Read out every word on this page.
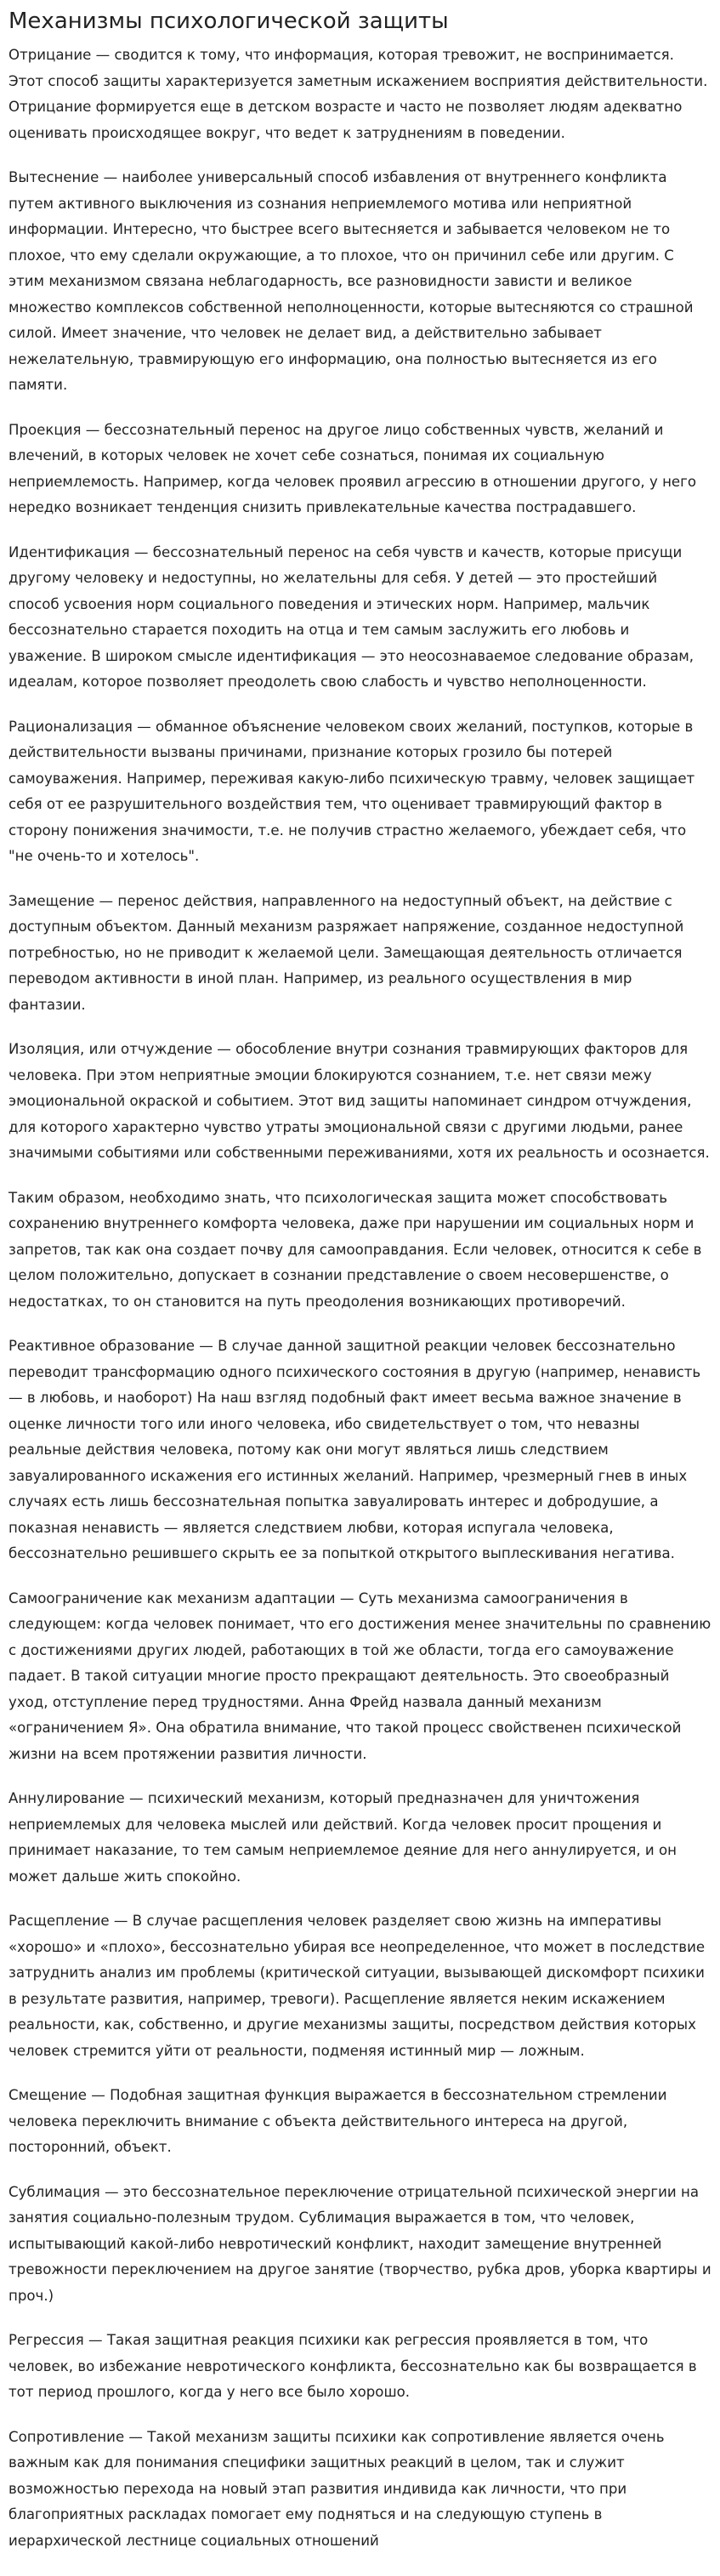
Механизмы психологической защиты

Отрицание — сводится к тому, что информация, которая тревожит, не воспринимается. Этот способ защиты характеризуется заметным искажением восприятия действительности. Отрицание формируется еще в детском возрасте и часто не позволяет людям адекватно оценивать происходящее вокруг, что ведет к затруднениям в поведении.

Вытеснение — наиболее универсальный способ избавления от внутреннего конфликта путем активного выключения из сознания неприемлемого мотива или неприятной информации. Интересно, что быстрее всего вытесняется и забывается человеком не то плохое, что ему сделали окружающие, а то плохое, что он причинил себе или другим. С этим механизмом связана неблагодарность, все разновидности зависти и великое множество комплексов собственной неполноценности, которые вытесняются со страшной силой. Имеет значение, что человек не делает вид, а действительно забывает нежелательную, травмирующую его информацию, она полностью вытесняется из его памяти.

Проекция — бессознательный перенос на другое лицо собственных чувств, желаний и влечений, в которых человек не хочет себе сознаться, понимая их социальную неприемлемость. Например, когда человек проявил агрессию в отношении другого, у него нередко возникает тенденция снизить привлекательные качества пострадавшего.

Идентификация — бессознательный перенос на себя чувств и качеств, которые присущи другому человеку и недоступны, но желательны для себя. У детей — это простейший способ усвоения норм социального поведения и этических норм. Например, мальчик бессознательно старается походить на отца и тем самым заслужить его любовь и уважение. В широком смысле идентификация — это неосознаваемое следование образам, идеалам, которое позволяет преодолеть свою слабость и чувство неполноценности.

Рационализация — обманное объяснение человеком своих желаний, поступков, которые в действительности вызваны причинами, признание которых грозило бы потерей самоуважения. Например, переживая какую-либо психическую травму, человек защищает себя от ее разрушительного воздействия тем, что оценивает травмирующий фактор в сторону понижения значимости, т.е. не получив страстно желаемого, убеждает себя, что "не очень-то и хотелось".

Замещение — перенос действия, направленного на недоступный объект, на действие с доступным объектом. Данный механизм разряжает напряжение, созданное недоступной потребностью, но не приводит к желаемой цели. Замещающая деятельность отличается переводом активности в иной план. Например, из реального осуществления в мир фантазии.

Изоляция, или отчуждение — обособление внутри сознания травмирующих факторов для человека. При этом неприятные эмоции блокируются сознанием, т.е. нет связи межу эмоциональной окраской и событием. Этот вид защиты напоминает синдром отчуждения, для которого характерно чувство утраты эмоциональной связи с другими людьми, ранее значимыми событиями или собственными переживаниями, хотя их реальность и осознается.

Таким образом, необходимо знать, что психологическая защита может способствовать сохранению внутреннего комфорта человека, даже при нарушении им социальных норм и запретов, так как она создает почву для самооправдания. Если человек, относится к себе в целом положительно, допускает в сознании представление о своем несовершенстве, о недостатках, то он становится на путь преодоления возникающих противоречий.

Реактивное образование — В случае данной защитной реакции человек бессознательно переводит трансформацию одного психического состояния в другую (например, ненависть — в любовь, и наоборот) На наш взгляд подобный факт имеет весьма важное значение в оценке личности того или иного человека, ибо свидетельствует о том, что невазны реальные действия человека, потому как они могут являться лишь следствием завуалированного искажения его истинных желаний. Например, чрезмерный гнев в иных случаях есть лишь бессознательная попытка завуалировать интерес и добродушие, а показная ненависть — является следствием любви, которая испугала человека, бессознательно решившего скрыть ее за попыткой открытого выплескивания негатива.

Самоограничение как механизм адаптации — Суть механизма самоограничения в следующем: когда человек понимает, что его достижения менее значительны по сравнению с достижениями других людей, работающих в той же области, тогда его самоуважение падает. В такой ситуации многие просто прекращают деятельность. Это своеобразный уход, отступление перед трудностями. Анна Фрейд назвала данный механизм «ограничением Я». Она обратила внимание, что такой процесс свойственен психической жизни на всем протяжении развития личности.

Аннулирование — психический механизм, который предназначен для уничтожения неприемлемых для человека мыслей или действий. Когда человек просит прощения и принимает наказание, то тем самым неприемлемое деяние для него аннулируется, и он может дальше жить спокойно.

Расщепление — В случае расщепления человек разделяет свою жизнь на императивы «хорошо» и «плохо», бессознательно убирая все неопределенное, что может в последствие затруднить анализ им проблемы (критической ситуации, вызывающей дискомфорт психики в результате развития, например, тревоги). Расщепление является неким искажением реальности, как, собственно, и другие механизмы защиты, посредством действия которых человек стремится уйти от реальности, подменяя истинный мир — ложным.

Смещение — Подобная защитная функция выражается в бессознательном стремлении человека переключить внимание с объекта действительного интереса на другой, посторонний, объект.

Сублимация — это бессознательное переключение отрицательной психической энергии на занятия социально-полезным трудом. Сублимация выражается в том, что человек, испытывающий какой-либо невротический конфликт, находит замещение внутренней тревожности переключением на другое занятие (творчество, рубка дров, уборка квартиры и проч.)

Регрессия — Такая защитная реакция психики как регрессия проявляется в том, что человек, во избежание невротического конфликта, бессознательно как бы возвращается в тот период прошлого, когда у него все было хорошо.

Сопротивление — Такой механизм защиты психики как сопротивление является очень важным как для понимания специфики защитных реакций в целом, так и служит возможностью перехода на новый этап развития индивида как личности, что при благоприятных раскладах помогает ему подняться и на следующую ступень в иерархической лестнице социальных отношений
